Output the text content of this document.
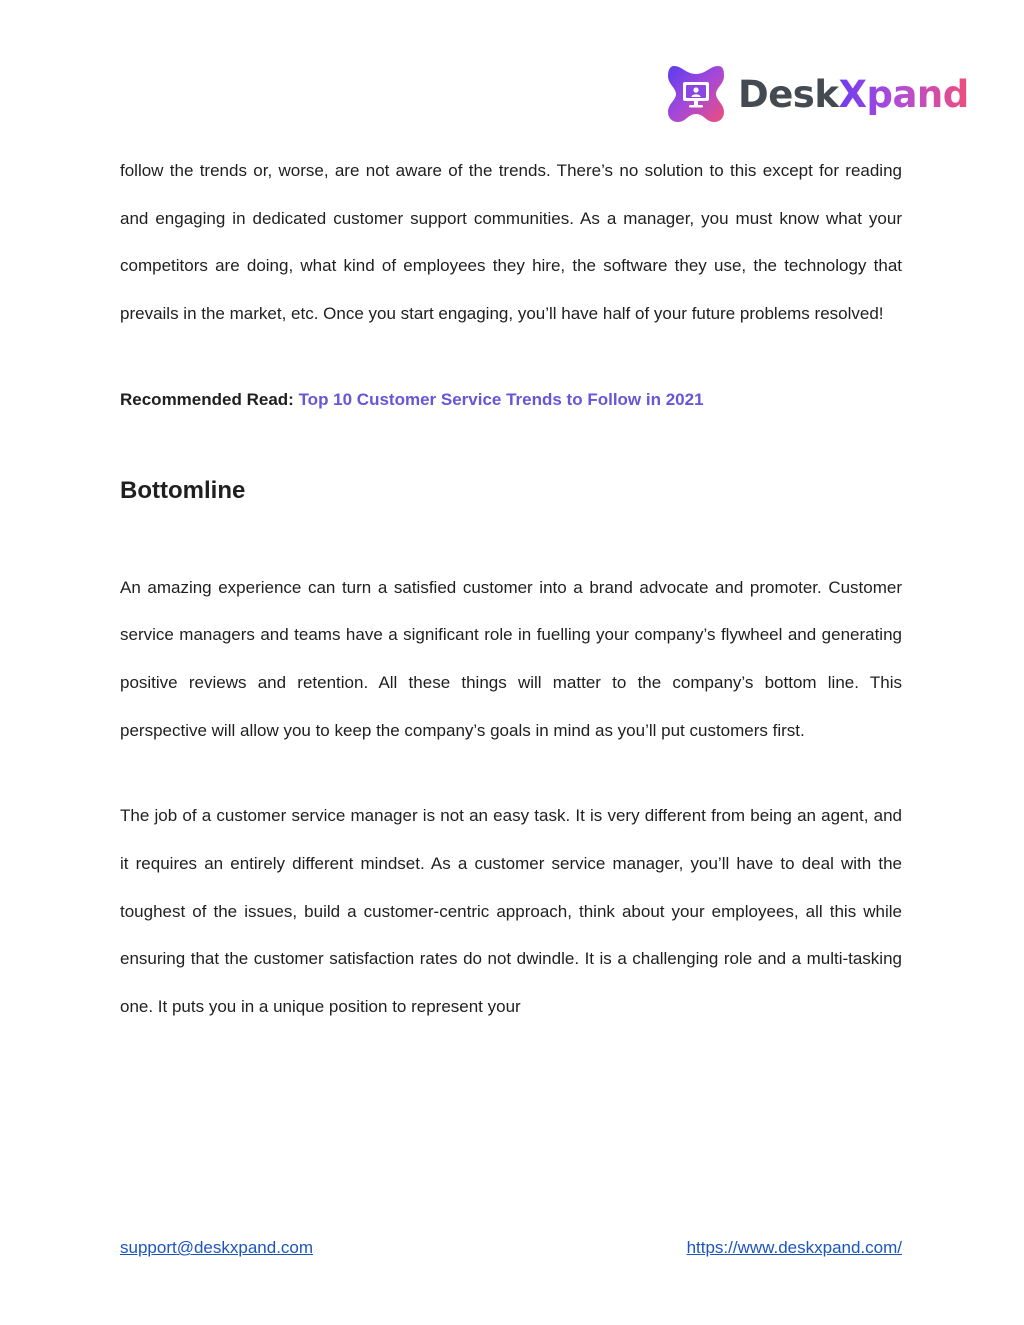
DeskXpand

follow the trends or, worse, are not aware of the trends. There’s no solution to this except for reading and engaging in dedicated customer support communities. As a manager, you must know what your competitors are doing, what kind of employees they hire, the software they use, the technology that prevails in the market, etc. Once you start engaging, you’ll have half of your future problems resolved!

Recommended Read: Top 10 Customer Service Trends to Follow in 2021

Bottomline

An amazing experience can turn a satisfied customer into a brand advocate and promoter. Customer service managers and teams have a significant role in fuelling your company’s flywheel and generating positive reviews and retention. All these things will matter to the company’s bottom line. This perspective will allow you to keep the company’s goals in mind as you’ll put customers first.

The job of a customer service manager is not an easy task. It is very different from being an agent, and it requires an entirely different mindset. As a customer service manager, you’ll have to deal with the toughest of the issues, build a customer-centric approach, think about your employees, all this while ensuring that the customer satisfaction rates do not dwindle. It is a challenging role and a multi-tasking one. It puts you in a unique position to represent your

support@deskxpand.com	https://www.deskxpand.com/
